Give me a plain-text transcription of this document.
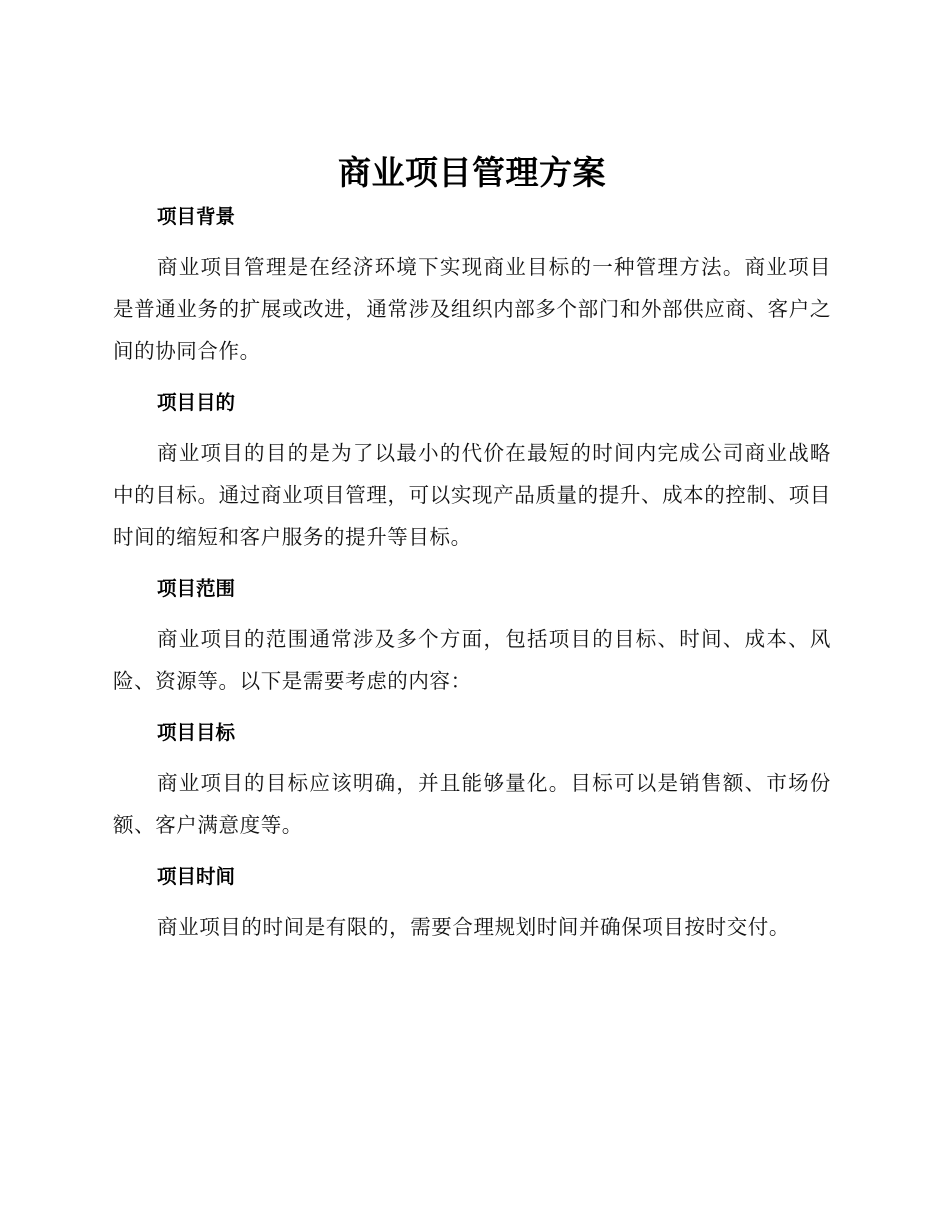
商业项目管理方案
项目背景

商业项目管理是在经济环境下实现商业目标的一种管理方法。商业项目是普通业务的扩展或改进，通常涉及组织内部多个部门和外部供应商、客户之间的协同合作。

项目目的

商业项目的目的是为了以最小的代价在最短的时间内完成公司商业战略中的目标。通过商业项目管理，可以实现产品质量的提升、成本的控制、项目时间的缩短和客户服务的提升等目标。

项目范围

商业项目的范围通常涉及多个方面，包括项目的目标、时间、成本、风险、资源等。以下是需要考虑的内容：

项目目标

商业项目的目标应该明确，并且能够量化。目标可以是销售额、市场份额、客户满意度等。

项目时间

商业项目的时间是有限的，需要合理规划时间并确保项目按时交付。
